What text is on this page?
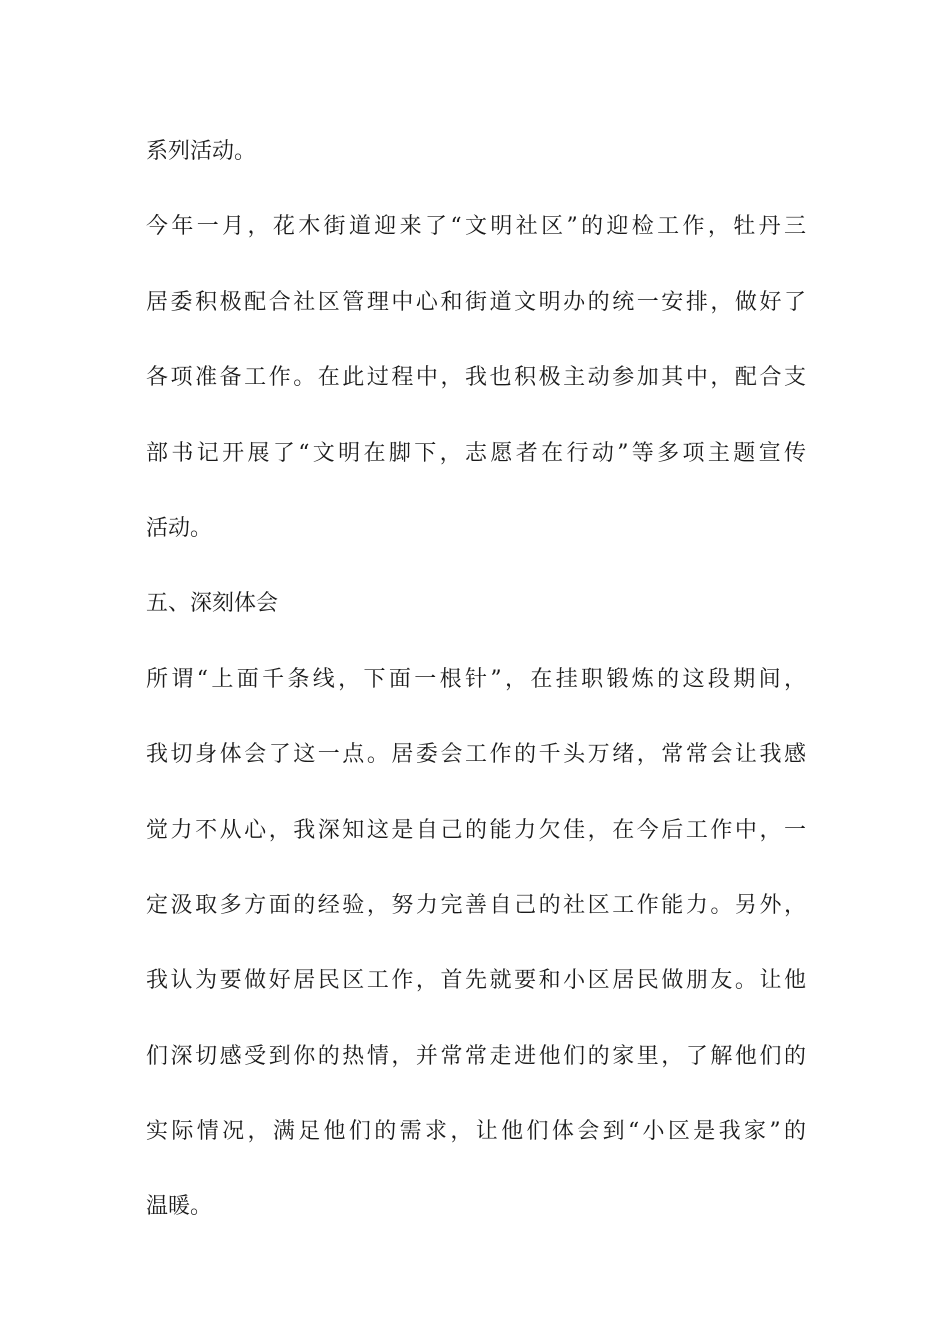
系列活动。
今年一月，花木街道迎来了“文明社区”的迎检工作，牡丹三
居委积极配合社区管理中心和街道文明办的统一安排，做好了
各项准备工作。在此过程中，我也积极主动参加其中，配合支
部书记开展了“文明在脚下，志愿者在行动”等多项主题宣传
活动。
五、深刻体会
所谓“上面千条线，下面一根针”，在挂职锻炼的这段期间，
我切身体会了这一点。居委会工作的千头万绪，常常会让我感
觉力不从心，我深知这是自己的能力欠佳，在今后工作中，一
定汲取多方面的经验，努力完善自己的社区工作能力。另外，
我认为要做好居民区工作，首先就要和小区居民做朋友。让他
们深切感受到你的热情，并常常走进他们的家里，了解他们的
实际情况，满足他们的需求，让他们体会到“小区是我家”的
温暖。
